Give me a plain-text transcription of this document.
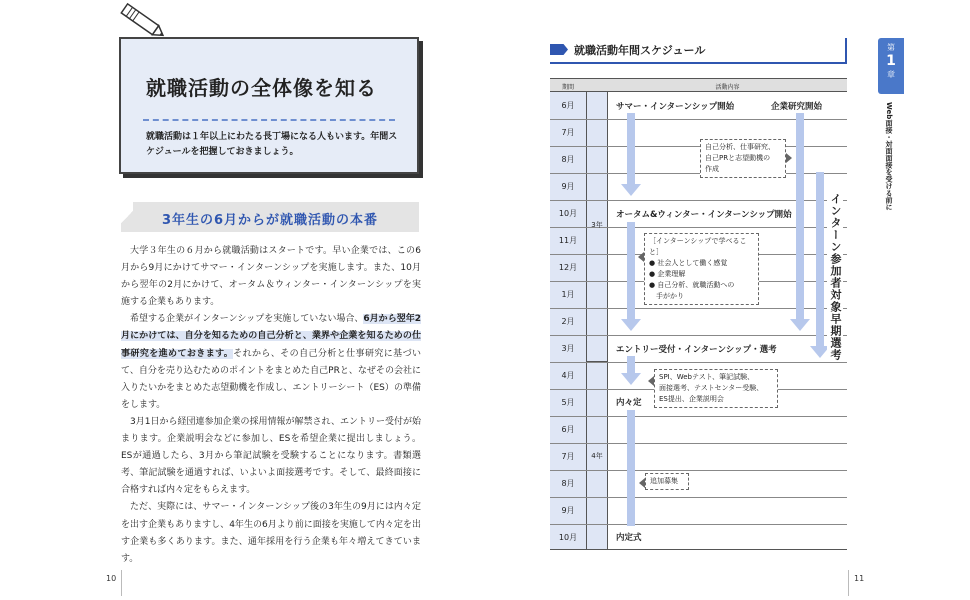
就職活動の全体像を知る
就職活動は１年以上にわたる長丁場になる人もいます。年間スケジュールを把握しておきましょう。
3年生の6月からが就職活動の本番

大学３年生の６月から就職活動はスタートです。早い企業では、この6月から9月にかけてサマー・インターンシップを実施します。また、10月から翌年の2月にかけて、オータム＆ウィンター・インターンシップを実施する企業もあります。

希望する企業がインターンシップを実施していない場合、6月から翌年2月にかけては、自分を知るための自己分析と、業界や企業を知るための仕事研究を進めておきます。それから、その自己分析と仕事研究に基づいて、自分を売り込むためのポイントをまとめた自己PRと、なぜその会社に入りたいかをまとめた志望動機を作成し、エントリーシート（ES）の準備をします。

3月1日から経団連参加企業の採用情報が解禁され、エントリー受付が始まります。企業説明会などに参加し、ESを希望企業に提出しましょう。ESが通過したら、3月から筆記試験を受験することになります。書類選考、筆記試験を通過すれば、いよいよ面接選考です。そして、最終面接に合格すれば内々定をもらえます。

ただ、実際には、サマー・インターンシップ後の3年生の9月には内々定を出す企業もありますし、4年生の6月より前に面接を実施して内々定を出す企業も多くあります。また、通年採用を行う企業も年々増えてきています。

10
就職活動年間スケジュール
期間	活動内容
6月
7月
8月
9月
10月
11月
12月
1月
2月
3月
4月
5月
6月
7月
8月
9月
10月
3年
4年
サマー・インターンシップ開始	企業研究開始
オータム&ウィンター・インターンシップ開始
エントリー受付・インターンシップ・選考
内々定
内定式
自己分析、仕事研究、
自己PRと志望動機の
作成
［インターンシップで学べること］
● 社会人として働く感覚
● 企業理解
● 自己分析、就職活動への
　手がかり
SPI、Webテスト、筆記試験、
面接選考、テストセンター受験、
ES提出、企業説明会
追加募集
インターン参加者対象早期選考
第
1
章
Web面接・対面面接を受ける前に
11
